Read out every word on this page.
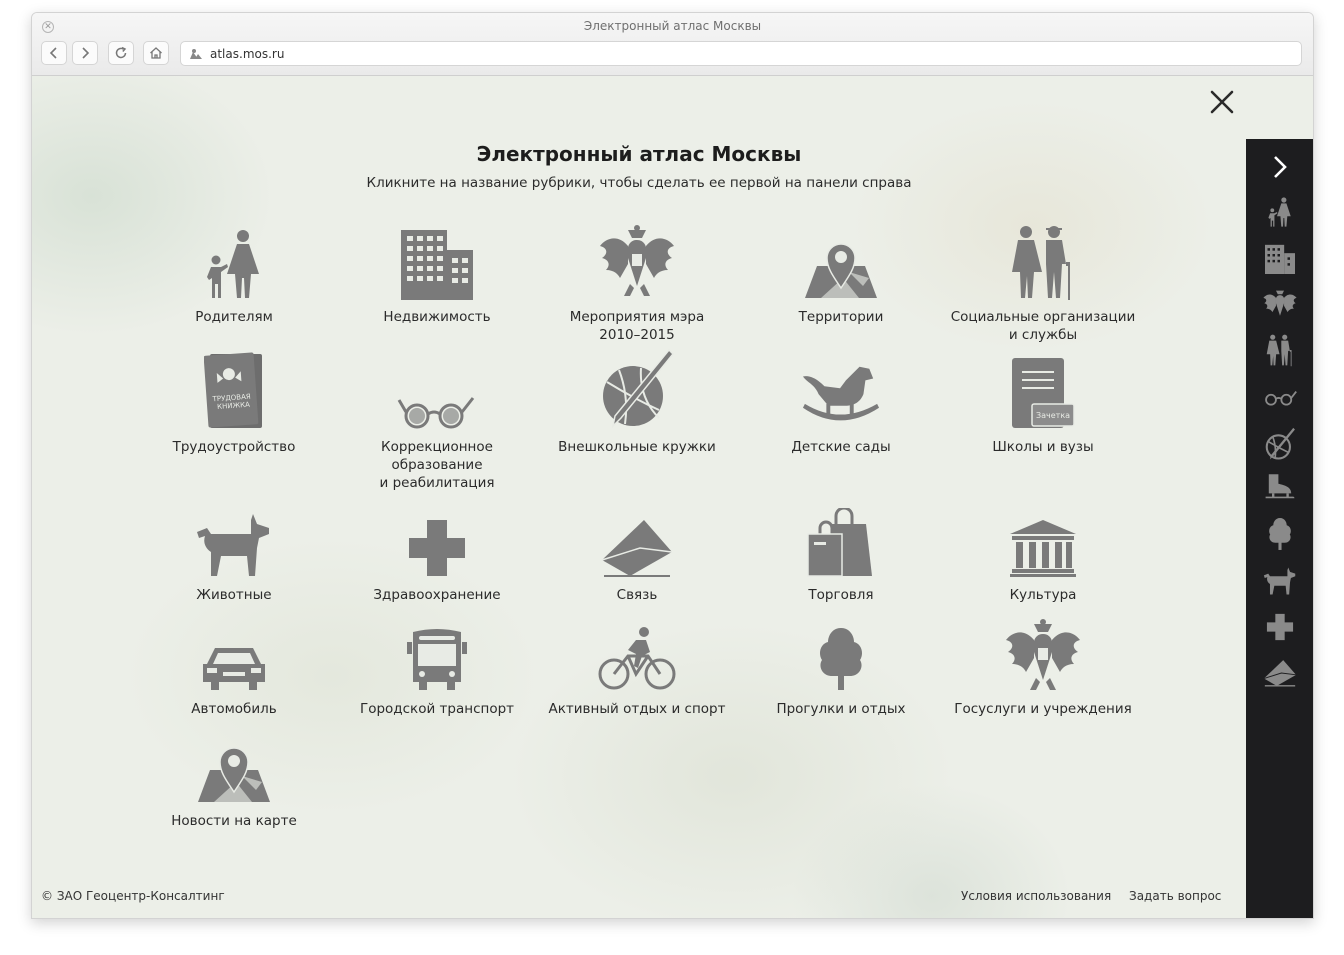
✕	Электронный атлас Москвы
atlas.mos.ru
Электронный атлас Москвы
Кликните на название рубрики, чтобы сделать ее первой на панели справа
Родителям	Недвижимость	Мероприятия мэра
2010–2015
Территории	Социальные организации
и службы
ТРУДОВАЯ
КНИЖКА
Трудоустройство	Коррекционное
образование
и реабилитация
Внешкольные кружки	Детские сады
Зачетка
Школы и вузы
Животные	Здравоохранение	Связь	Торговля	Культура
Автомобиль	Городской транспорт	Активный отдых и спорт	Прогулки и отдых	Госуслуги и учреждения
Новости на карте
© ЗАО Геоцентр-Консалтинг	Условия использования Задать вопрос
